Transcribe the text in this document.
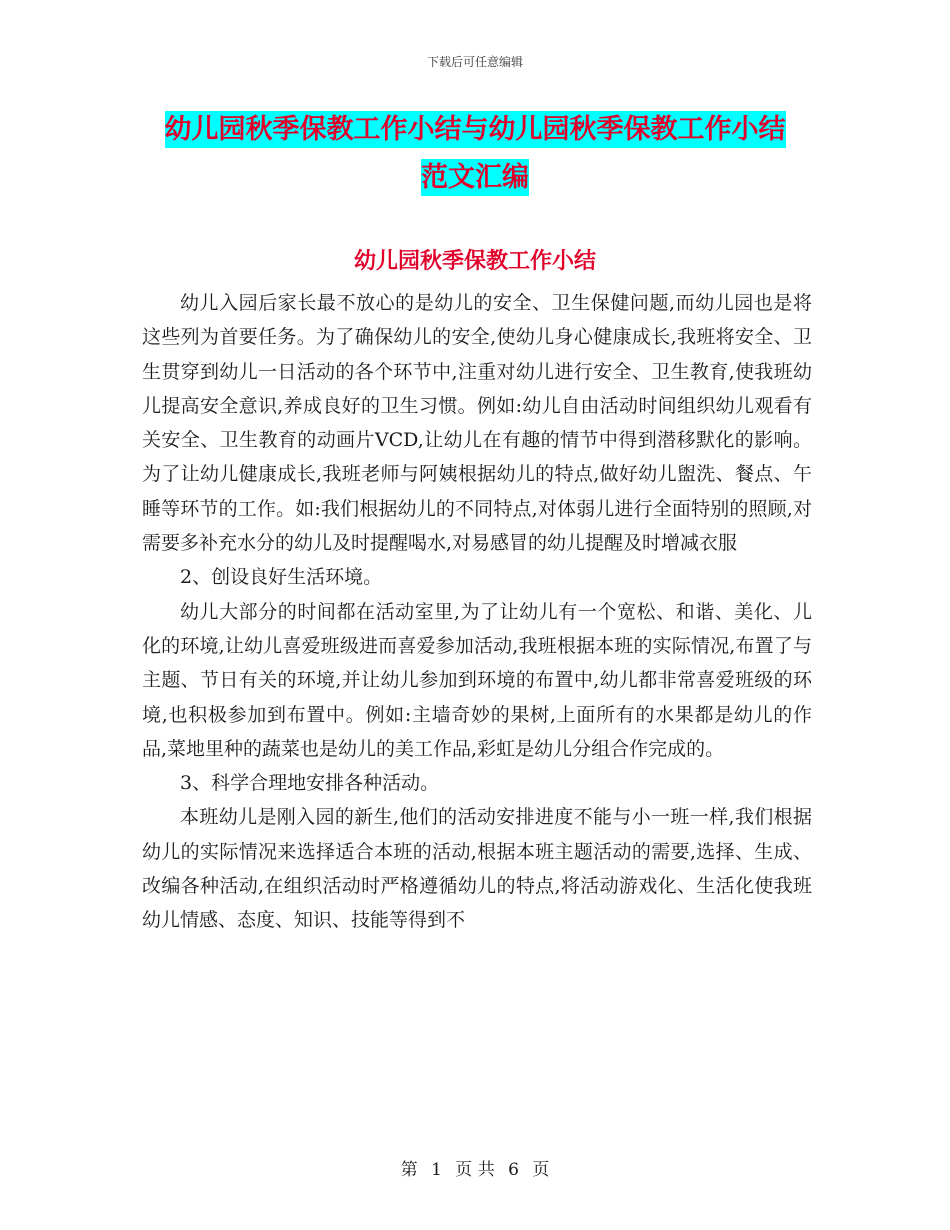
下载后可任意编辑
幼儿园秋季保教工作小结与幼儿园秋季保教工作小结
范文汇编
幼儿园秋季保教工作小结

幼儿入园后家长最不放心的是幼儿的安全、卫生保健问题,而幼儿园也是将这些列为首要任务。为了确保幼儿的安全,使幼儿身心健康成长,我班将安全、卫生贯穿到幼儿一日活动的各个环节中,注重对幼儿进行安全、卫生教育,使我班幼儿提高安全意识,养成良好的卫生习惯。例如:幼儿自由活动时间组织幼儿观看有关安全、卫生教育的动画片VCD,让幼儿在有趣的情节中得到潜移默化的影响。为了让幼儿健康成长,我班老师与阿姨根据幼儿的特点,做好幼儿盥洗、餐点、午睡等环节的工作。如:我们根据幼儿的不同特点,对体弱儿进行全面特别的照顾,对需要多补充水分的幼儿及时提醒喝水,对易感冒的幼儿提醒及时增减衣服

2、创设良好生活环境。

幼儿大部分的时间都在活动室里,为了让幼儿有一个宽松、和谐、美化、儿化的环境,让幼儿喜爱班级进而喜爱参加活动,我班根据本班的实际情况,布置了与主题、节日有关的环境,并让幼儿参加到环境的布置中,幼儿都非常喜爱班级的环境,也积极参加到布置中。例如:主墙奇妙的果树,上面所有的水果都是幼儿的作品,菜地里种的蔬菜也是幼儿的美工作品,彩虹是幼儿分组合作完成的。

3、科学合理地安排各种活动。

本班幼儿是刚入园的新生,他们的活动安排进度不能与小一班一样,我们根据幼儿的实际情况来选择适合本班的活动,根据本班主题活动的需要,选择、生成、改编各种活动,在组织活动时严格遵循幼儿的特点,将活动游戏化、生活化使我班幼儿情感、态度、知识、技能等得到不

第 1 页 共 6 页
